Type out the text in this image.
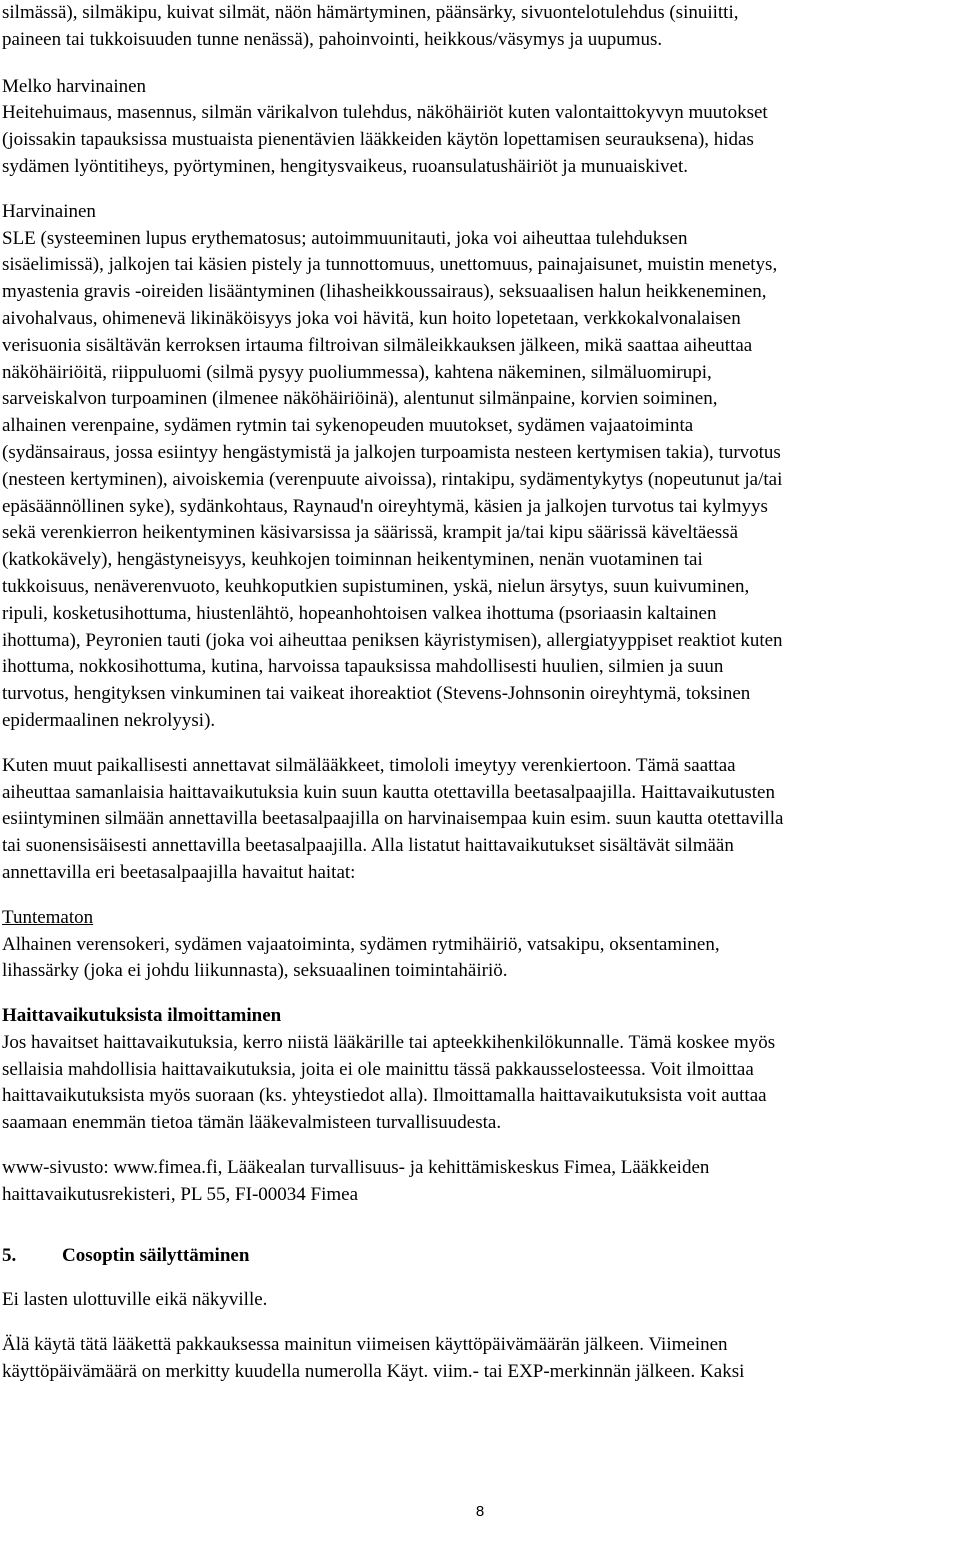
silmässä), silmäkipu, kuivat silmät, näön hämärtyminen, päänsärky, sivuontelotulehdus (sinuiitti,
paineen tai tukkoisuuden tunne nenässä), pahoinvointi, heikkous/väsymys ja uupumus.
Melko harvinainen
Heitehuimaus, masennus, silmän värikalvon tulehdus, näköhäiriöt kuten valontaittokyvyn muutokset
(joissakin tapauksissa mustuaista pienentävien lääkkeiden käytön lopettamisen seurauksena), hidas
sydämen lyöntitiheys, pyörtyminen, hengitysvaikeus, ruoansulatushäiriöt ja munuaiskivet.
Harvinainen
SLE (systeeminen lupus erythematosus; autoimmuunitauti, joka voi aiheuttaa tulehduksen
sisäelimissä), jalkojen tai käsien pistely ja tunnottomuus, unettomuus, painajaisunet, muistin menetys,
myastenia gravis -oireiden lisääntyminen (lihasheikkoussairaus), seksuaalisen halun heikkeneminen,
aivohalvaus, ohimenevä likinäköisyys joka voi hävitä, kun hoito lopetetaan, verkkokalvonalaisen
verisuonia sisältävän kerroksen irtauma filtroivan silmäleikkauksen jälkeen, mikä saattaa aiheuttaa
näköhäiriöitä, riippuluomi (silmä pysyy puoliummessa), kahtena näkeminen, silmäluomirupi,
sarveiskalvon turpoaminen (ilmenee näköhäiriöinä), alentunut silmänpaine, korvien soiminen,
alhainen verenpaine, sydämen rytmin tai sykenopeuden muutokset, sydämen vajaatoiminta
(sydänsairaus, jossa esiintyy hengästymistä ja jalkojen turpoamista nesteen kertymisen takia), turvotus
(nesteen kertyminen), aivoiskemia (verenpuute aivoissa), rintakipu, sydämentykytys (nopeutunut ja/tai
epäsäännöllinen syke), sydänkohtaus, Raynaud'n oireyhtymä, käsien ja jalkojen turvotus tai kylmyys
sekä verenkierron heikentyminen käsivarsissa ja säärissä, krampit ja/tai kipu säärissä käveltäessä
(katkokävely), hengästyneisyys, keuhkojen toiminnan heikentyminen, nenän vuotaminen tai
tukkoisuus, nenäverenvuoto, keuhkoputkien supistuminen, yskä, nielun ärsytys, suun kuivuminen,
ripuli, kosketusihottuma, hiustenlähtö, hopeanhohtoisen valkea ihottuma (psoriaasin kaltainen
ihottuma), Peyronien tauti (joka voi aiheuttaa peniksen käyristymisen), allergiatyyppiset reaktiot kuten
ihottuma, nokkosihottuma, kutina, harvoissa tapauksissa mahdollisesti huulien, silmien ja suun
turvotus, hengityksen vinkuminen tai vaikeat ihoreaktiot (Stevens-Johnsonin oireyhtymä, toksinen
epidermaalinen nekrolyysi).
Kuten muut paikallisesti annettavat silmälääkkeet, timololi imeytyy verenkiertoon. Tämä saattaa
aiheuttaa samanlaisia haittavaikutuksia kuin suun kautta otettavilla beetasalpaajilla. Haittavaikutusten
esiintyminen silmään annettavilla beetasalpaajilla on harvinaisempaa kuin esim. suun kautta otettavilla
tai suonensisäisesti annettavilla beetasalpaajilla. Alla listatut haittavaikutukset sisältävät silmään
annettavilla eri beetasalpaajilla havaitut haitat:
Tuntematon
Alhainen verensokeri, sydämen vajaatoiminta, sydämen rytmihäiriö, vatsakipu, oksentaminen,
lihassärky (joka ei johdu liikunnasta), seksuaalinen toimintahäiriö.
Haittavaikutuksista ilmoittaminen
Jos havaitset haittavaikutuksia, kerro niistä lääkärille tai apteekkihenkilökunnalle. Tämä koskee myös
sellaisia mahdollisia haittavaikutuksia, joita ei ole mainittu tässä pakkausselosteessa. Voit ilmoittaa
haittavaikutuksista myös suoraan (ks. yhteystiedot alla). Ilmoittamalla haittavaikutuksista voit auttaa
saamaan enemmän tietoa tämän lääkevalmisteen turvallisuudesta.
www-sivusto: www.fimea.fi, Lääkealan turvallisuus- ja kehittämiskeskus Fimea, Lääkkeiden
haittavaikutusrekisteri, PL 55, FI-00034 Fimea
5.	Cosoptin säilyttäminen
Ei lasten ulottuville eikä näkyville.
Älä käytä tätä lääkettä pakkauksessa mainitun viimeisen käyttöpäivämäärän jälkeen. Viimeinen
käyttöpäivämäärä on merkitty kuudella numerolla Käyt. viim.- tai EXP-merkinnän jälkeen. Kaksi
8
